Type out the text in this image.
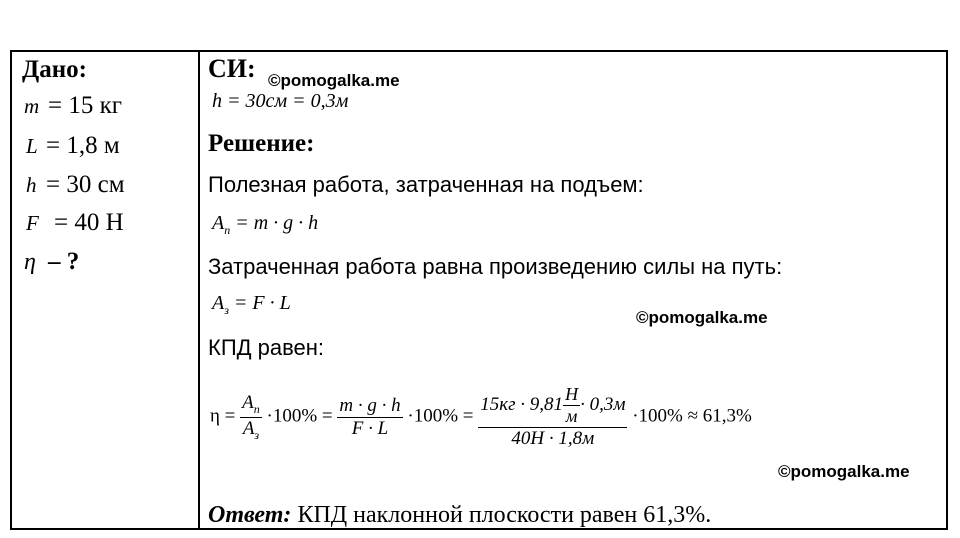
Дано:
m = 15 кг
L = 1,8 м
h = 30 см
F = 40 Н
η – ?
СИ: ©pomogalka.me
h = 30см = 0,3м
Решение:
Полезная работа, затраченная на подъем:
$A_п = m \cdot g \cdot h$
Затраченная работа равна произведению силы на путь:
$A_з = F \cdot L$
©pomogalka.me
КПД равен:
$\eta = \frac{A_п}{A_з} \cdot 100\% = \frac{m \cdot g \cdot h}{F \cdot L} \cdot 100\% = \frac{15кг \cdot 9,81 \frac{Н}{м} \cdot 0,3м}{40Н \cdot 1,8м} \cdot 100\% \approx 61,3\%$
©pomogalka.me
Ответ: КПД наклонной плоскости равен 61,3%.
